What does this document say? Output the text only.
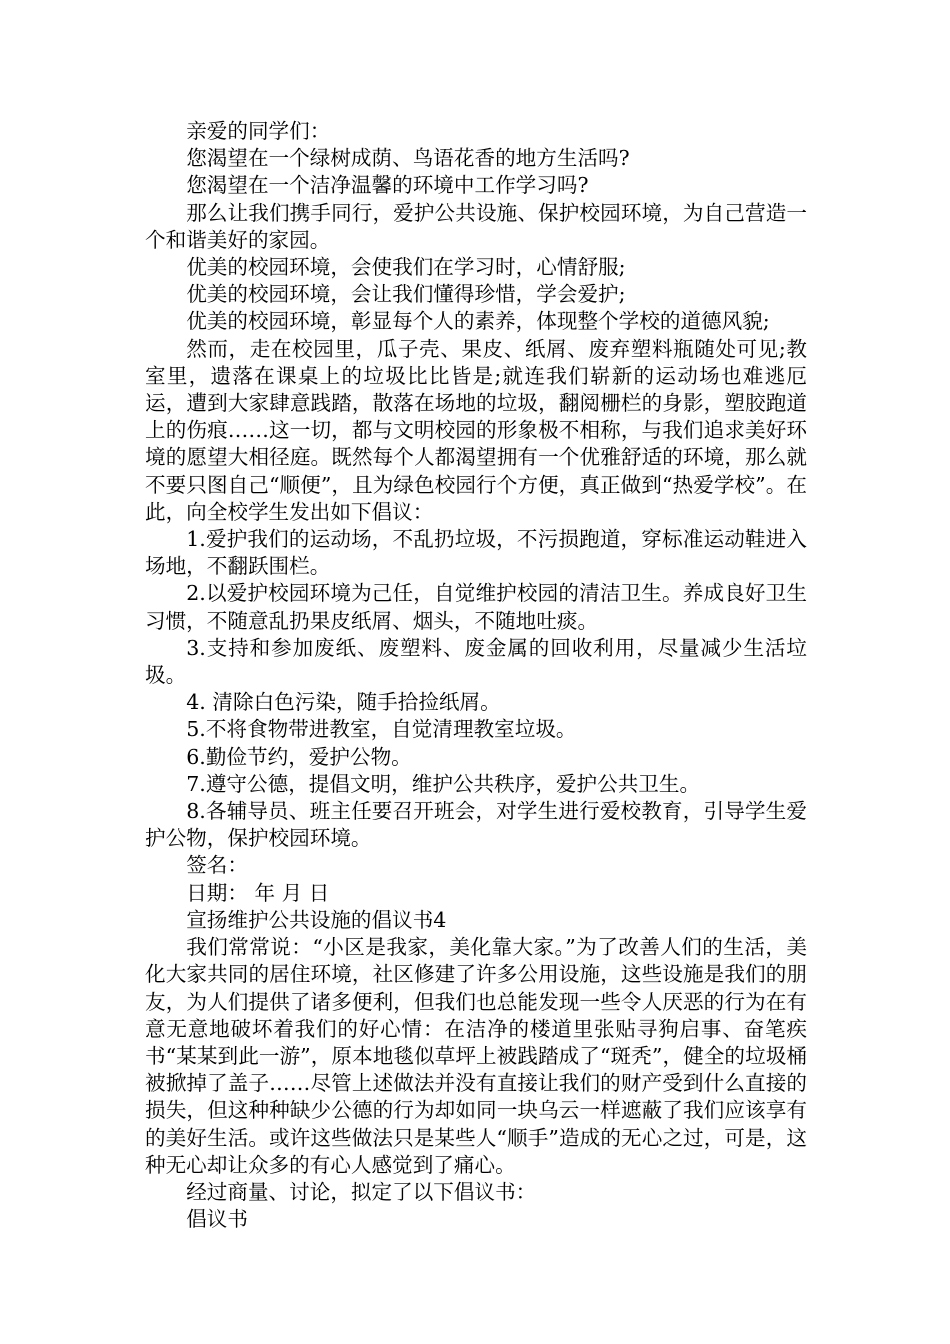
亲爱的同学们：

您渴望在一个绿树成荫、鸟语花香的地方生活吗?

您渴望在一个洁净温馨的环境中工作学习吗?

那么让我们携手同行，爱护公共设施、保护校园环境，为自己营造一个和谐美好的家园。

优美的校园环境，会使我们在学习时，心情舒服;

优美的校园环境，会让我们懂得珍惜，学会爱护;

优美的校园环境，彰显每个人的素养，体现整个学校的道德风貌;

然而，走在校园里，瓜子壳、果皮、纸屑、废弃塑料瓶随处可见;教室里，遗落在课桌上的垃圾比比皆是;就连我们崭新的运动场也难逃厄运，遭到大家肆意践踏，散落在场地的垃圾，翻阅栅栏的身影，塑胶跑道上的伤痕……这一切，都与文明校园的形象极不相称，与我们追求美好环境的愿望大相径庭。既然每个人都渴望拥有一个优雅舒适的环境，那么就不要只图自己“顺便”，且为绿色校园行个方便，真正做到“热爱学校”。在此，向全校学生发出如下倡议：

1.爱护我们的运动场，不乱扔垃圾，不污损跑道，穿标准运动鞋进入场地，不翻跃围栏。

2.以爱护校园环境为己任，自觉维护校园的清洁卫生。养成良好卫生习惯，不随意乱扔果皮纸屑、烟头，不随地吐痰。

3.支持和参加废纸、废塑料、废金属的回收利用，尽量减少生活垃圾。

4. 清除白色污染，随手拾捡纸屑。

5.不将食物带进教室，自觉清理教室垃圾。

6.勤俭节约，爱护公物。

7.遵守公德，提倡文明，维护公共秩序，爱护公共卫生。

8.各辅导员、班主任要召开班会，对学生进行爱校教育，引导学生爱护公物，保护校园环境。

签名：

日期： 年 月 日

宣扬维护公共设施的倡议书4

我们常常说：“小区是我家，美化靠大家。”为了改善人们的生活，美化大家共同的居住环境，社区修建了许多公用设施，这些设施是我们的朋友，为人们提供了诸多便利，但我们也总能发现一些令人厌恶的行为在有意无意地破坏着我们的好心情：在洁净的楼道里张贴寻狗启事、奋笔疾书“某某到此一游”，原本地毯似草坪上被践踏成了“斑秃”，健全的垃圾桶被掀掉了盖子……尽管上述做法并没有直接让我们的财产受到什么直接的损失，但这种种缺少公德的行为却如同一块乌云一样遮蔽了我们应该享有的美好生活。或许这些做法只是某些人“顺手”造成的无心之过，可是，这种无心却让众多的有心人感觉到了痛心。

经过商量、讨论，拟定了以下倡议书：

倡议书
